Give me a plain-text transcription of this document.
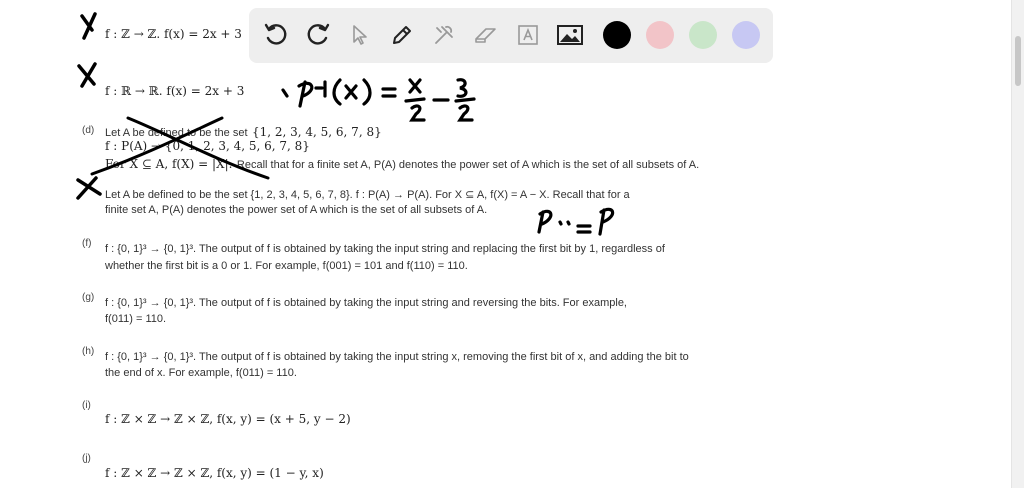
f : ℤ → ℤ. f(x) = 2x + 3
f : ℝ → ℝ. f(x) = 2x + 3
(d) Let A be defined to be the set {1, 2, 3, 4, 5, 6, 7, 8}
f : P(A) → {0, 1, 2, 3, 4, 5, 6, 7, 8}
For X ⊆ A, f(X) = |X|. Recall that for a finite set A, P(A) denotes the power set of A which is the set of all subsets of A.
Let A be defined to be the set {1, 2, 3, 4, 5, 6, 7, 8}. f : P(A) → P(A). For X ⊆ A, f(X) = A − X. Recall that for a
finite set A, P(A) denotes the power set of A which is the set of all subsets of A.
(f) f : {0, 1}³ → {0, 1}³. The output of f is obtained by taking the input string and replacing the first bit by 1, regardless of
whether the first bit is a 0 or 1. For example, f(001) = 101 and f(110) = 110.
(g) f : {0, 1}³ → {0, 1}³. The output of f is obtained by taking the input string and reversing the bits. For example,
f(011) = 110.
(h) f : {0, 1}³ → {0, 1}³. The output of f is obtained by taking the input string x, removing the first bit of x, and adding the bit to
the end of x. For example, f(011) = 110.
(i)
f : ℤ × ℤ → ℤ × ℤ, f(x, y) = (x + 5, y − 2)
(j)
f : ℤ × ℤ → ℤ × ℤ, f(x, y) = (1 − y, x)
